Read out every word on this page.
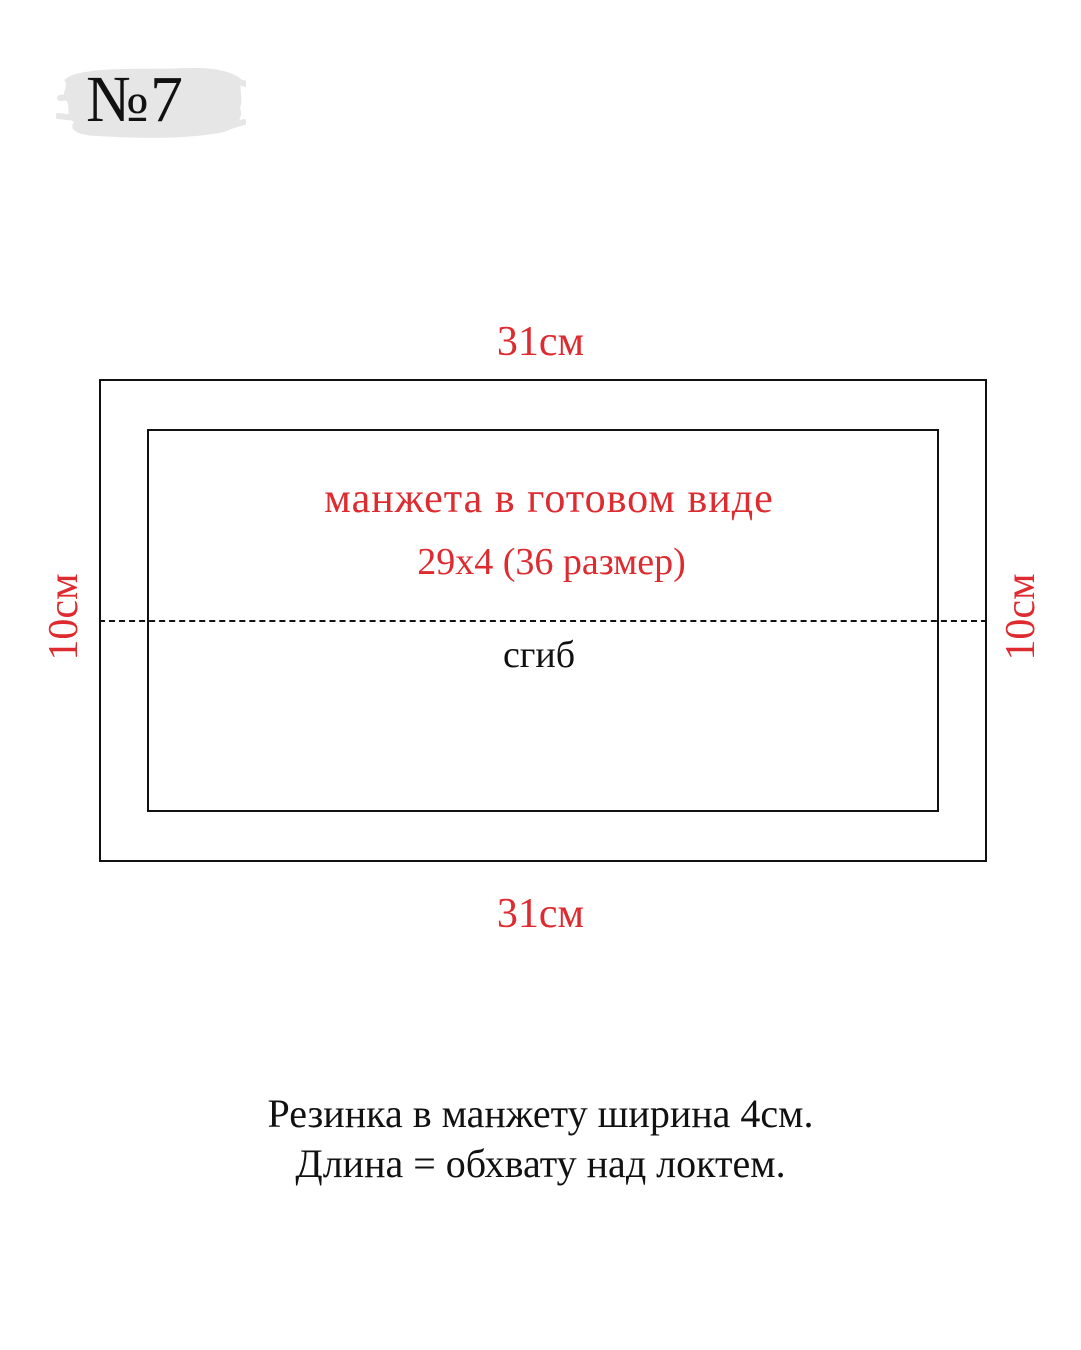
№7
31см
10см	10см
манжета в готовом виде
29х4 (36 размер)
сгиб
31см
Резинка в манжету ширина 4см.
Длина = обхвату над локтем.
